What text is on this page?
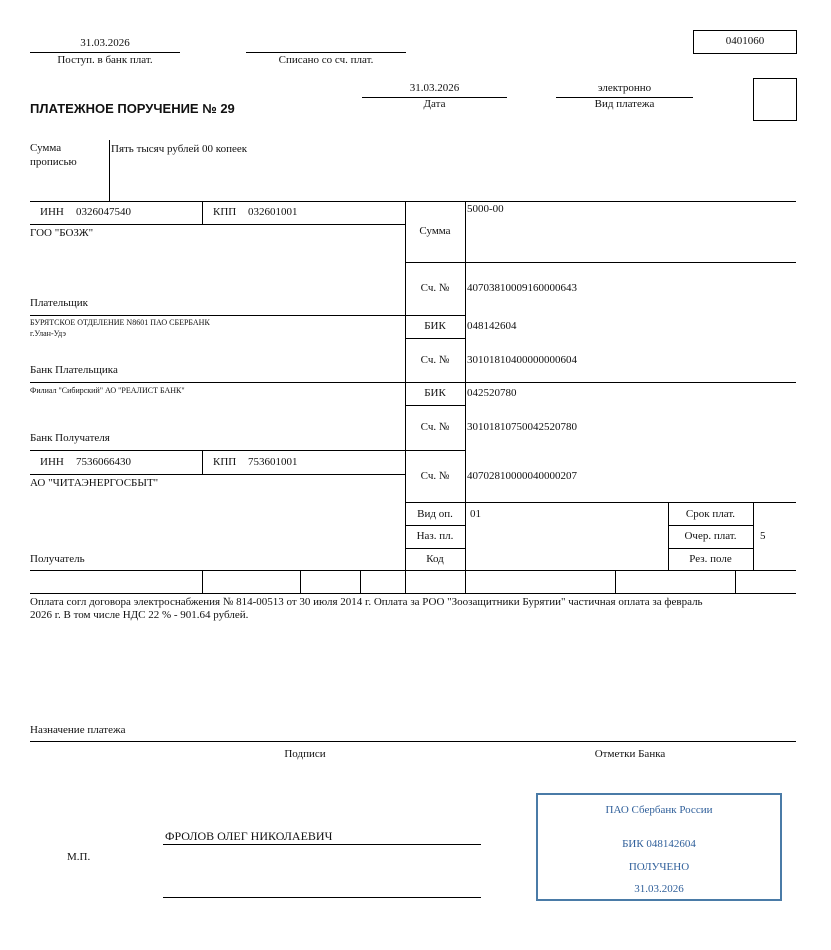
31.03.2026
Поступ. в банк плат.	Списано со сч. плат.
0401060
31.03.2026
Дата
электронно
Вид платежа
ПЛАТЕЖНОЕ ПОРУЧЕНИЕ № 29
Сумма прописью
Пять тысяч рублей 00 копеек
ИНН 0326047540	КПП 032601001
ГОО "БОЗЖ"
Плательщик
Сумма
5000-00
Сч. №	40703810009160000643
БУРЯТСКОЕ ОТДЕЛЕНИЕ N8601 ПАО СБЕРБАНК
г.Улан-Удэ
Банк Плательщика
БИК	048142604
Сч. №	30101810400000000604
Филиал "Сибирский" АО "РЕАЛИСТ БАНК"
Банк Получателя
БИК	042520780
Сч. №	30101810750042520780
ИНН 7536066430	КПП 753601001
АО "ЧИТАЭНЕРГОСБЫТ"
Получатель
Сч. №	40702810000040000207
Вид оп.	01
Наз. пл.
Код
Срок плат.
Очер. плат.	5
Рез. поле
Оплата согл договора электроснабжения № 814-00513 от 30 июля 2014 г. Оплата за РОО "Зоозащитники Бурятии" частичная оплата за февраль
2026 г. В том числе НДС 22 % - 901.64 рублей.
Назначение платежа
Подписи	Отметки Банка
М.П.
ФРОЛОВ ОЛЕГ НИКОЛАЕВИЧ
ПАО Сбербанк России
БИК 048142604
ПОЛУЧЕНО
31.03.2026
